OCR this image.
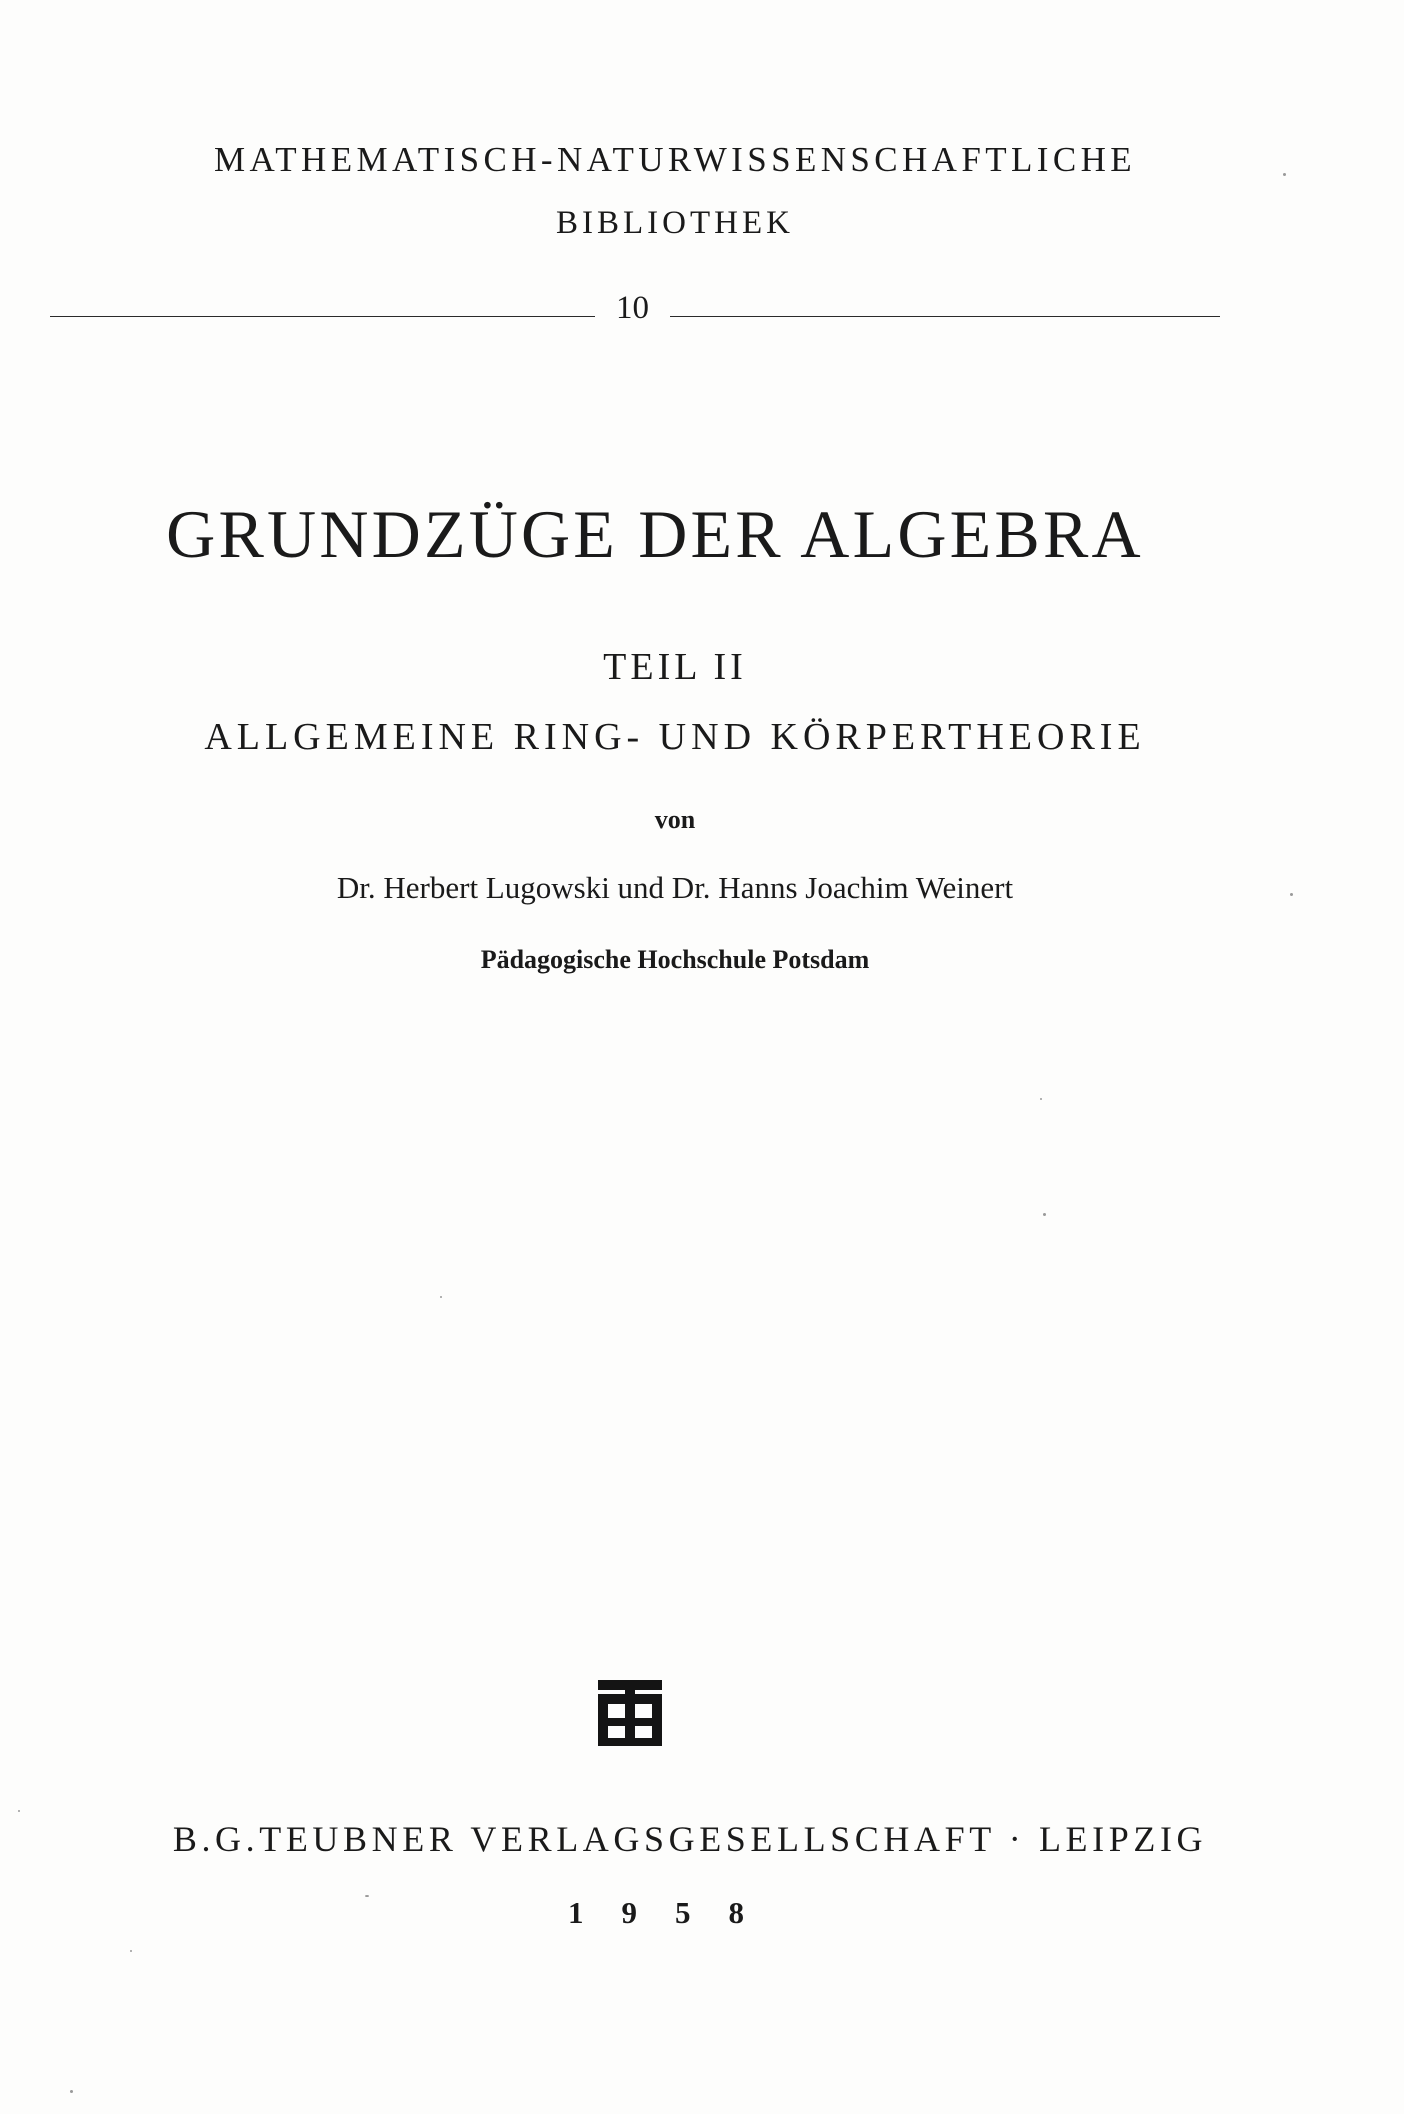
MATHEMATISCH-NATURWISSENSCHAFTLICHE
BIBLIOTHEK
10
GRUNDZÜGE DER ALGEBRA
TEIL II
ALLGEMEINE RING- UND KÖRPERTHEORIE
von
Dr. Herbert Lugowski und Dr. Hanns Joachim Weinert
Pädagogische Hochschule Potsdam
B.G.TEUBNER VERLAGSGESELLSCHAFT · LEIPZIG
1958
